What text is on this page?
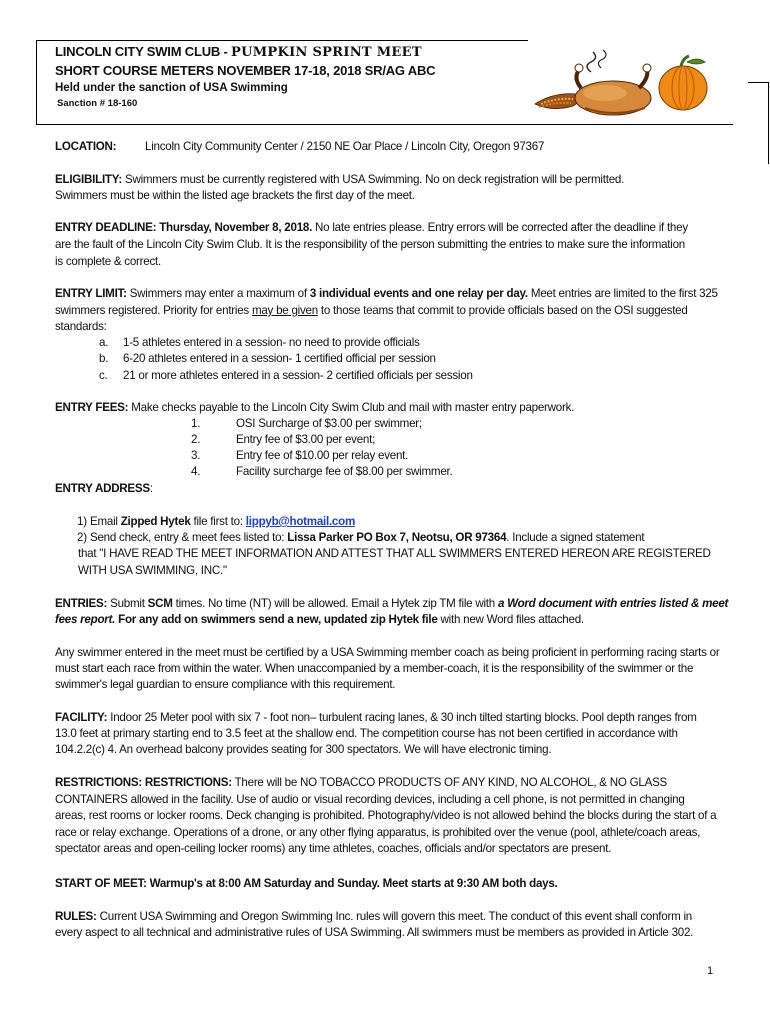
LINCOLN CITY SWIM CLUB - PUMPKIN SPRINT MEET
SHORT COURSE METERS NOVEMBER 17-18, 2018 SR/AG ABC
Held under the sanction of USA Swimming
Sanction # 18-160
LOCATION: Lincoln City Community Center / 2150 NE Oar Place / Lincoln City, Oregon 97367
ELIGIBILITY: Swimmers must be currently registered with USA Swimming. No on deck registration will be permitted.
Swimmers must be within the listed age brackets the first day of the meet.
ENTRY DEADLINE: Thursday, November 8, 2018. No late entries please. Entry errors will be corrected after the deadline if they
are the fault of the Lincoln City Swim Club. It is the responsibility of the person submitting the entries to make sure the information
is complete & correct.
ENTRY LIMIT: Swimmers may enter a maximum of 3 individual events and one relay per day. Meet entries are limited to the first 325
swimmers registered. Priority for entries may be given to those teams that commit to provide officials based on the OSI suggested
standards:
a. 1-5 athletes entered in a session- no need to provide officials
b. 6-20 athletes entered in a session- 1 certified official per session
c. 21 or more athletes entered in a session- 2 certified officials per session
ENTRY FEES: Make checks payable to the Lincoln City Swim Club and mail with master entry paperwork.
1.	OSI Surcharge of $3.00 per swimmer;
2.	Entry fee of $3.00 per event;
3.	Entry fee of $10.00 per relay event.
4.	Facility surcharge fee of $8.00 per swimmer.
ENTRY ADDRESS:
1) Email Zipped Hytek file first to: lippyb@hotmail.com
2) Send check, entry & meet fees listed to: Lissa Parker PO Box 7, Neotsu, OR 97364. Include a signed statement
that "I HAVE READ THE MEET INFORMATION AND ATTEST THAT ALL SWIMMERS ENTERED HEREON ARE REGISTERED
WITH USA SWIMMING, INC."
ENTRIES: Submit SCM times. No time (NT) will be allowed. Email a Hytek zip TM file with a Word document with entries listed & meet
fees report. For any add on swimmers send a new, updated zip Hytek file with new Word files attached.
Any swimmer entered in the meet must be certified by a USA Swimming member coach as being proficient in performing racing starts or
must start each race from within the water. When unaccompanied by a member-coach, it is the responsibility of the swimmer or the
swimmer's legal guardian to ensure compliance with this requirement.
FACILITY: Indoor 25 Meter pool with six 7 - foot non– turbulent racing lanes, & 30 inch tilted starting blocks. Pool depth ranges from
13.0 feet at primary starting end to 3.5 feet at the shallow end. The competition course has not been certified in accordance with
104.2.2(c) 4. An overhead balcony provides seating for 300 spectators. We will have electronic timing.
RESTRICTIONS: RESTRICTIONS: There will be NO TOBACCO PRODUCTS OF ANY KIND, NO ALCOHOL, & NO GLASS
CONTAINERS allowed in the facility. Use of audio or visual recording devices, including a cell phone, is not permitted in changing
areas, rest rooms or locker rooms. Deck changing is prohibited. Photography/video is not allowed behind the blocks during the start of a
race or relay exchange. Operations of a drone, or any other flying apparatus, is prohibited over the venue (pool, athlete/coach areas,
spectator areas and open-ceiling locker rooms) any time athletes, coaches, officials and/or spectators are present.
START OF MEET: Warmup's at 8:00 AM Saturday and Sunday. Meet starts at 9:30 AM both days.
RULES: Current USA Swimming and Oregon Swimming Inc. rules will govern this meet. The conduct of this event shall conform in
every aspect to all technical and administrative rules of USA Swimming. All swimmers must be members as provided in Article 302.
1
